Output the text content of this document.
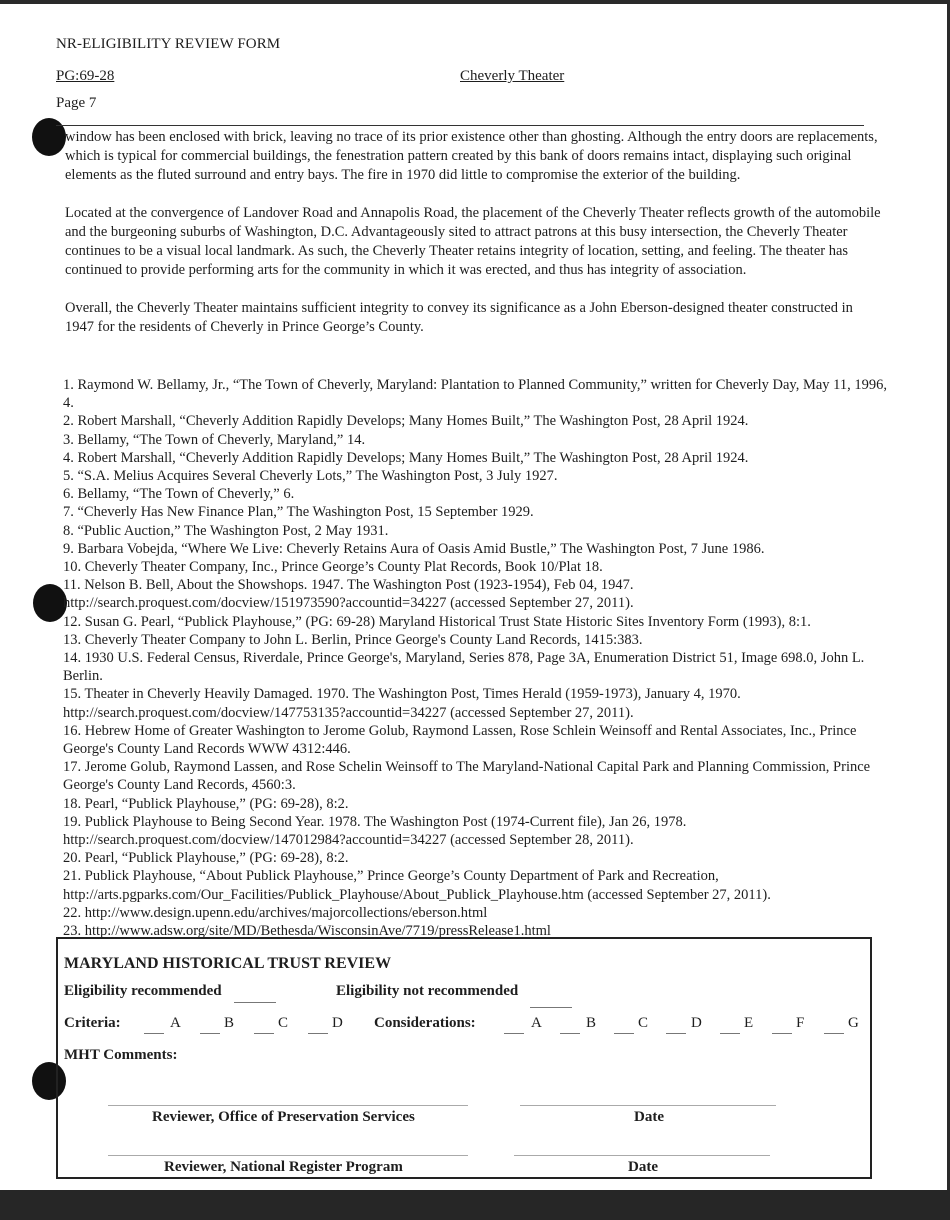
NR-ELIGIBILITY REVIEW FORM
PG:69-28	Cheverly Theater
Page 7

window has been enclosed with brick, leaving no trace of its prior existence other than ghosting. Although the entry doors are replacements, which is typical for commercial buildings, the fenestration pattern created by this bank of doors remains intact, displaying such original elements as the fluted surround and entry bays. The fire in 1970 did little to compromise the exterior of the building.

Located at the convergence of Landover Road and Annapolis Road, the placement of the Cheverly Theater reflects growth of the automobile and the burgeoning suburbs of Washington, D.C. Advantageously sited to attract patrons at this busy intersection, the Cheverly Theater continues to be a visual local landmark. As such, the Cheverly Theater retains integrity of location, setting, and feeling. The theater has continued to provide performing arts for the community in which it was erected, and thus has integrity of association.

Overall, the Cheverly Theater maintains sufficient integrity to convey its significance as a John Eberson-designed theater constructed in 1947 for the residents of Cheverly in Prince George’s County.

1. Raymond W. Bellamy, Jr., “The Town of Cheverly, Maryland: Plantation to Planned Community,” written for Cheverly Day, May 11, 1996, 4.
2. Robert Marshall, “Cheverly Addition Rapidly Develops; Many Homes Built,” The Washington Post, 28 April 1924.
3. Bellamy, “The Town of Cheverly, Maryland,” 14.
4. Robert Marshall, “Cheverly Addition Rapidly Develops; Many Homes Built,” The Washington Post, 28 April 1924.
5. “S.A. Melius Acquires Several Cheverly Lots,” The Washington Post, 3 July 1927.
6. Bellamy, “The Town of Cheverly,” 6.
7. “Cheverly Has New Finance Plan,” The Washington Post, 15 September 1929.
8. “Public Auction,” The Washington Post, 2 May 1931.
9. Barbara Vobejda, “Where We Live: Cheverly Retains Aura of Oasis Amid Bustle,” The Washington Post, 7 June 1986.
10. Cheverly Theater Company, Inc., Prince George’s County Plat Records, Book 10/Plat 18.
11. Nelson B. Bell, About the Showshops. 1947. The Washington Post (1923-1954), Feb 04, 1947.
http://search.proquest.com/docview/151973590?accountid=34227 (accessed September 27, 2011).
12. Susan G. Pearl, “Publick Playhouse,” (PG: 69-28) Maryland Historical Trust State Historic Sites Inventory Form (1993), 8:1.
13. Cheverly Theater Company to John L. Berlin, Prince George's County Land Records, 1415:383.
14. 1930 U.S. Federal Census, Riverdale, Prince George's, Maryland, Series 878, Page 3A, Enumeration District 51, Image 698.0, John L. Berlin.
15. Theater in Cheverly Heavily Damaged. 1970. The Washington Post, Times Herald (1959-1973), January 4, 1970.
http://search.proquest.com/docview/147753135?accountid=34227 (accessed September 27, 2011).
16. Hebrew Home of Greater Washington to Jerome Golub, Raymond Lassen, Rose Schlein Weinsoff and Rental Associates, Inc., Prince George's County Land Records WWW 4312:446.
17. Jerome Golub, Raymond Lassen, and Rose Schelin Weinsoff to The Maryland-National Capital Park and Planning Commission, Prince George's County Land Records, 4560:3.
18. Pearl, “Publick Playhouse,” (PG: 69-28), 8:2.
19. Publick Playhouse to Being Second Year. 1978. The Washington Post (1974-Current file), Jan 26, 1978.
http://search.proquest.com/docview/147012984?accountid=34227 (accessed September 28, 2011).
20. Pearl, “Publick Playhouse,” (PG: 69-28), 8:2.
21. Publick Playhouse, “About Publick Playhouse,” Prince George’s County Department of Park and Recreation,
http://arts.pgparks.com/Our_Facilities/Publick_Playhouse/About_Publick_Playhouse.htm (accessed September 27, 2011).
22. http://www.design.upenn.edu/archives/majorcollections/eberson.html
23. http://www.adsw.org/site/MD/Bethesda/WisconsinAve/7719/pressRelease1.html
MARYLAND HISTORICAL TRUST REVIEW
Eligibility recommended	Eligibility not recommended
Criteria:	A	B	C	D Considerations:	A	B	C	D	E	F	G
MHT Comments:
Reviewer, Office of Preservation Services	Date
Reviewer, National Register Program	Date
